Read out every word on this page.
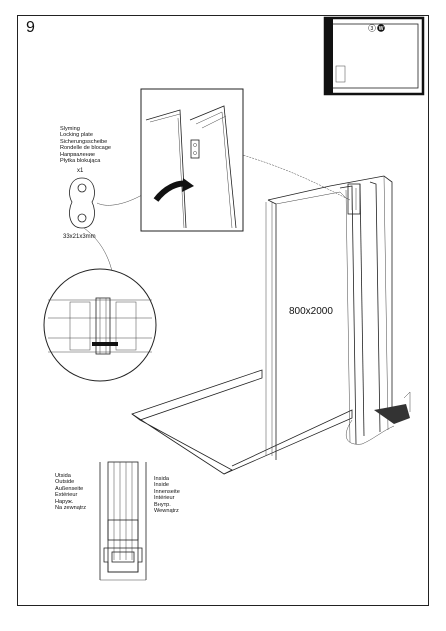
9
Slyming
Locking plate
Sicherungsscheibe
Rondelle de blocage
Напрваление
Płytka blokująca
x1
33x21x3mm
800x2000
Utsida
Outside
Außenseite
Extérieur
Наруж.
Na zewnątrz
Insida
Inside
Innenseite
Intérieur
Внутр.
Wewnątrz
3 W
